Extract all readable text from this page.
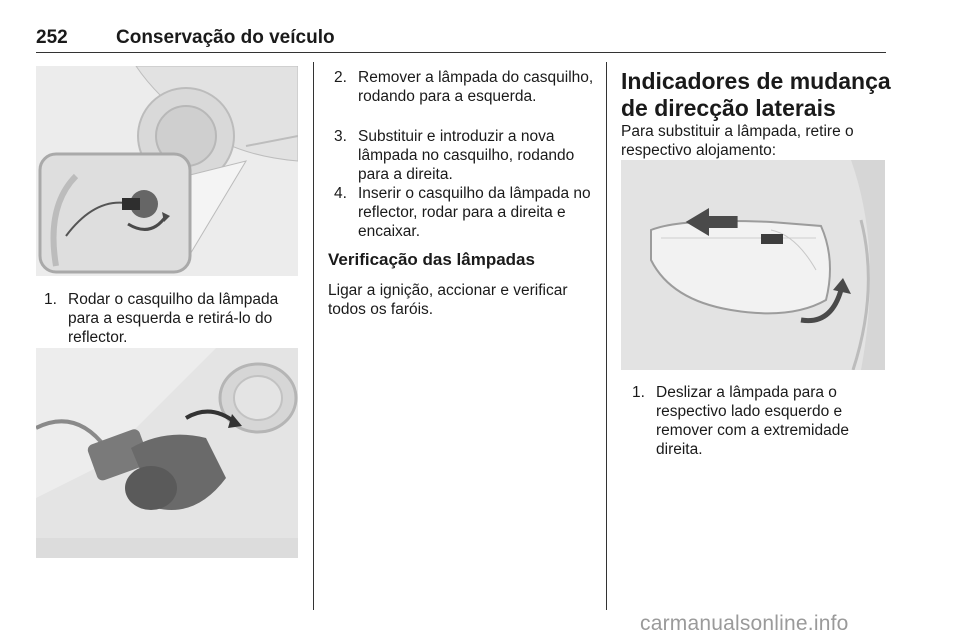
252	Conservação do veículo
1. Rodar o casquilho da lâmpada para a esquerda e retirá-lo do reflector.
2. Remover a lâmpada do casquilho, rodando para a esquerda.
3. Substituir e introduzir a nova lâmpada no casquilho, rodando para a direita.
4. Inserir o casquilho da lâmpada no reflector, rodar para a direita e encaixar.
Verificação das lâmpadas
Ligar a ignição, accionar e verificar todos os faróis.
Indicadores de mudança de direcção laterais
Para substituir a lâmpada, retire o respectivo alojamento:
1. Deslizar a lâmpada para o respectivo lado esquerdo e remover com a extremidade direita.
carmanualsonline.info
